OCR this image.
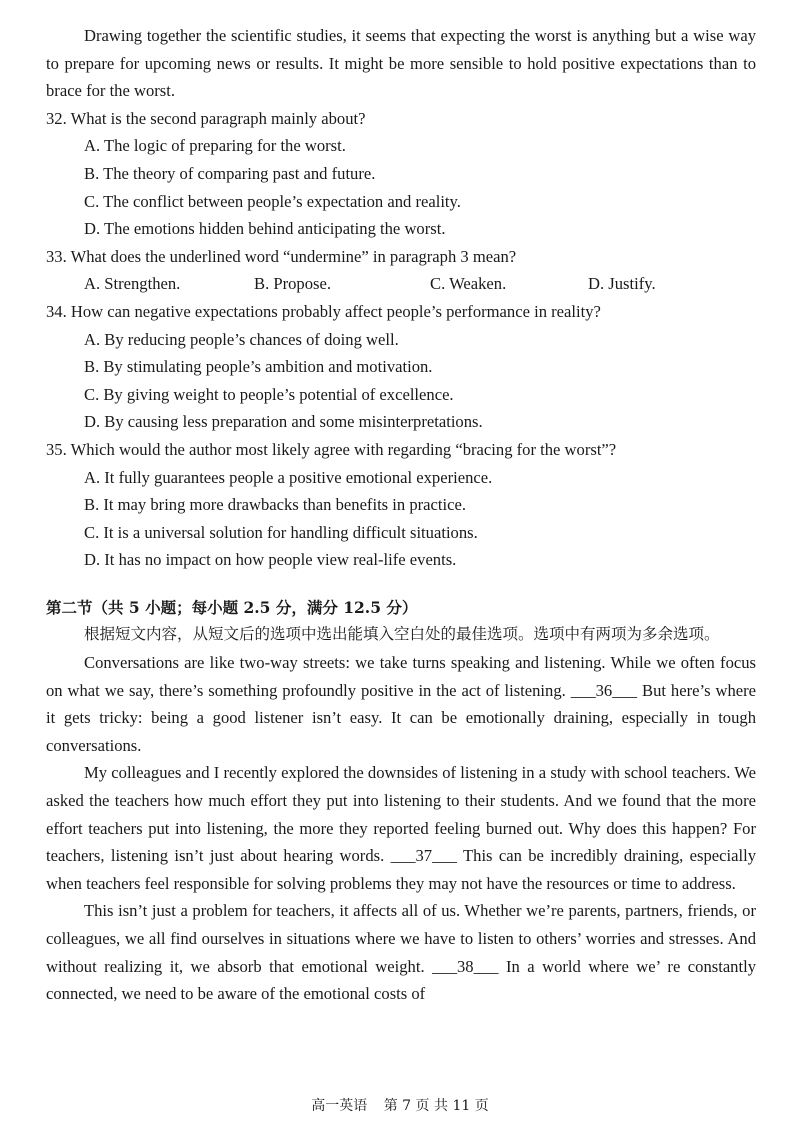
Drawing together the scientific studies, it seems that expecting the worst is anything but a wise way to prepare for upcoming news or results. It might be more sensible to hold positive expectations than to brace for the worst.

32. What is the second paragraph mainly about?

A. The logic of preparing for the worst.

B. The theory of comparing past and future.

C. The conflict between people’s expectation and reality.

D. The emotions hidden behind anticipating the worst.

33. What does the underlined word “undermine” in paragraph 3 mean?

A. Strengthen.	B. Propose.	C. Weaken.	D. Justify.

34. How can negative expectations probably affect people’s performance in reality?

A. By reducing people’s chances of doing well.

B. By stimulating people’s ambition and motivation.

C. By giving weight to people’s potential of excellence.

D. By causing less preparation and some misinterpretations.

35. Which would the author most likely agree with regarding “bracing for the worst”?

A. It fully guarantees people a positive emotional experience.

B. It may bring more drawbacks than benefits in practice.

C. It is a universal solution for handling difficult situations.

D. It has no impact on how people view real-life events.

第二节（共 5 小题；每小题 2.5 分，满分 12.5 分）

根据短文内容，从短文后的选项中选出能填入空白处的最佳选项。选项中有两项为多余选项。

Conversations are like two-way streets: we take turns speaking and listening. While we often focus on what we say, there’s something profoundly positive in the act of listening. ___36___ But here’s where it gets tricky: being a good listener isn’t easy. It can be emotionally draining, especially in tough conversations.

My colleagues and I recently explored the downsides of listening in a study with school teachers. We asked the teachers how much effort they put into listening to their students. And we found that the more effort teachers put into listening, the more they reported feeling burned out. Why does this happen? For teachers, listening isn’t just about hearing words. ___37___ This can be incredibly draining, especially when teachers feel responsible for solving problems they may not have the resources or time to address.

This isn’t just a problem for teachers, it affects all of us. Whether we’re parents, partners, friends, or colleagues, we all find ourselves in situations where we have to listen to others’ worries and stresses. And without realizing it, we absorb that emotional weight. ___38___ In a world where we’ re constantly connected, we need to be aware of the emotional costs of

高一英语 第 7 页 共 11 页
